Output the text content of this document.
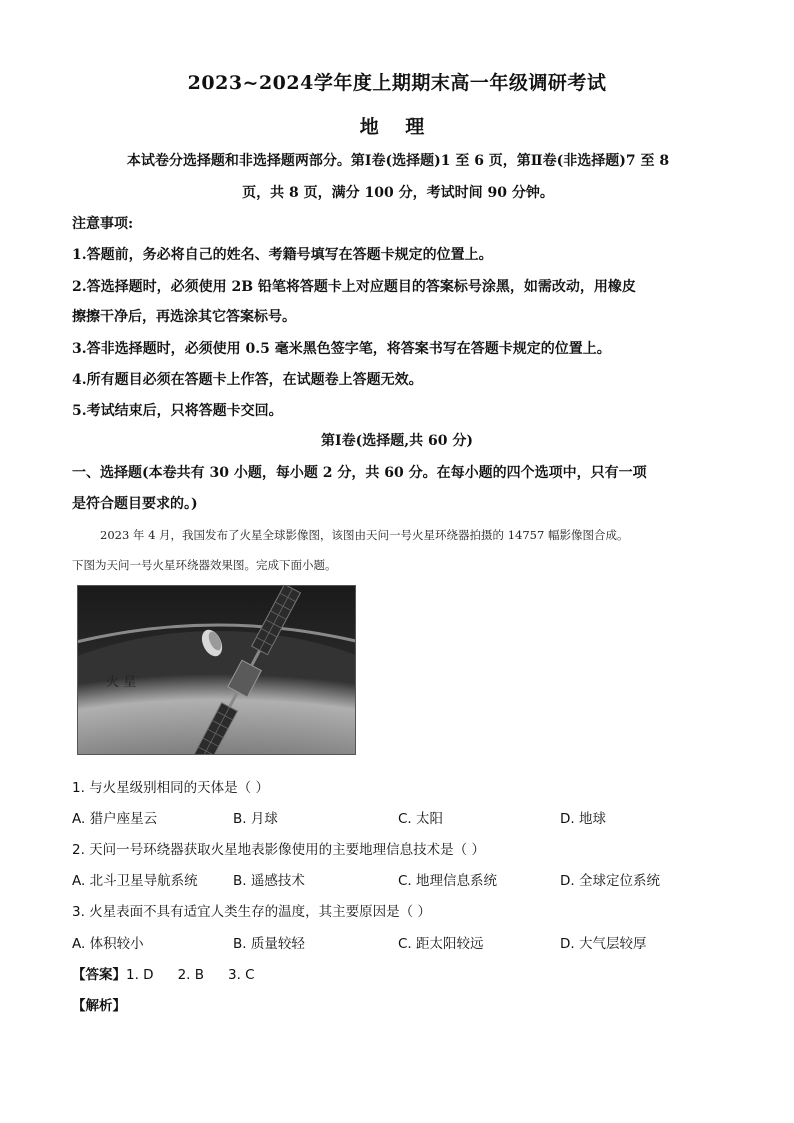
2023~2024学年度上期期末高一年级调研考试
地 理
本试卷分选择题和非选择题两部分。第Ⅰ卷(选择题)1 至 6 页，第Ⅱ卷(非选择题)7 至 8
页，共 8 页，满分 100 分，考试时间 90 分钟。
注意事项:
1.答题前，务必将自己的姓名、考籍号填写在答题卡规定的位置上。
2.答选择题时，必须使用 2B 铅笔将答题卡上对应题目的答案标号涂黑，如需改动，用橡皮
擦擦干净后，再选涂其它答案标号。
3.答非选择题时，必须使用 0.5 毫米黑色签字笔，将答案书写在答题卡规定的位置上。
4.所有题目必须在答题卡上作答，在试题卷上答题无效。
5.考试结束后，只将答题卡交回。
第Ⅰ卷(选择题,共 60 分)
一、选择题(本卷共有 30 小题，每小题 2 分，共 60 分。在每小题的四个选项中，只有一项
是符合题目要求的。)
2023 年 4 月，我国发布了火星全球影像图，该图由天问一号火星环绕器拍摄的 14757 幅影像图合成。
下图为天问一号火星环绕器效果图。完成下面小题。
火 星
1. 与火星级别相同的天体是（ ）
A. 猎户座星云	B. 月球	C. 太阳	D. 地球
2. 天问一号环绕器获取火星地表影像使用的主要地理信息技术是（ ）
A. 北斗卫星导航系统	B. 遥感技术	C. 地理信息系统	D. 全球定位系统
3. 火星表面不具有适宜人类生存的温度，其主要原因是（ ）
A. 体积较小	B. 质量较轻	C. 距太阳较远	D. 大气层较厚
【答案】1. D 2. B 3. C
【解析】
